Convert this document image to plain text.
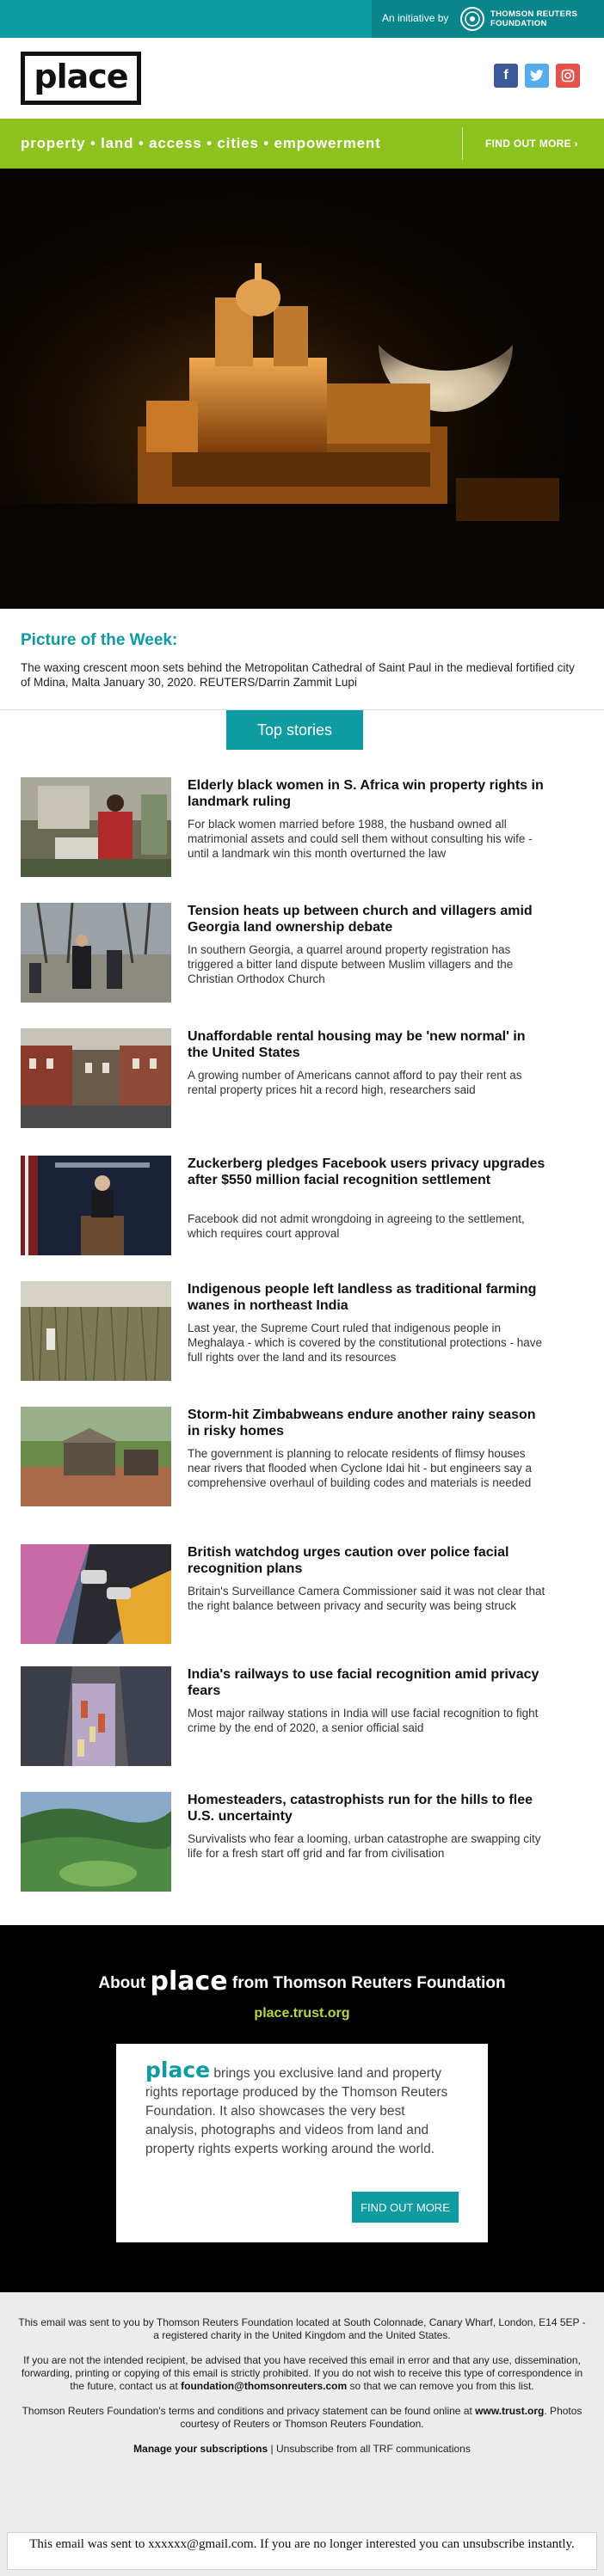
An initiative by	THOMSON REUTERS
FOUNDATION
place	f
property • land • access • cities • empowerment	FIND OUT MORE ›
Picture of the Week:

The waxing crescent moon sets behind the Metropolitan Cathedral of Saint Paul in the medieval fortified city of Mdina, Malta January 30, 2020. REUTERS/Darrin Zammit Lupi

Top stories
Elderly black women in S. Africa win property rights in landmark ruling

For black women married before 1988, the husband owned all matrimonial assets and could sell them without consulting his wife - until a landmark win this month overturned the law

Tension heats up between church and villagers amid Georgia land ownership debate

In southern Georgia, a quarrel around property registration has triggered a bitter land dispute between Muslim villagers and the Christian Orthodox Church

Unaffordable rental housing may be 'new normal' in the United States

A growing number of Americans cannot afford to pay their rent as rental property prices hit a record high, researchers said

Zuckerberg pledges Facebook users privacy upgrades after $550 million facial recognition settlement

Facebook did not admit wrongdoing in agreeing to the settlement, which requires court approval

Indigenous people left landless as traditional farming wanes in northeast India

Last year, the Supreme Court ruled that indigenous people in Meghalaya - which is covered by the constitutional protections - have full rights over the land and its resources

Storm-hit Zimbabweans endure another rainy season in risky homes

The government is planning to relocate residents of flimsy houses near rivers that flooded when Cyclone Idai hit - but engineers say a comprehensive overhaul of building codes and materials is needed

British watchdog urges caution over police facial recognition plans

Britain's Surveillance Camera Commissioner said it was not clear that the right balance between privacy and security was being struck

India's railways to use facial recognition amid privacy fears

Most major railway stations in India will use facial recognition to fight crime by the end of 2020, a senior official said

Homesteaders, catastrophists run for the hills to flee U.S. uncertainty

Survivalists who fear a looming, urban catastrophe are swapping city life for a fresh start off grid and far from civilisation

About place from Thomson Reuters Foundation
place.trust.org

place brings you exclusive land and property rights reportage produced by the Thomson Reuters Foundation. It also showcases the very best analysis, photographs and videos from land and property rights experts working around the world.

FIND OUT MORE

This email was sent to you by Thomson Reuters Foundation located at South Colonnade, Canary Wharf, London, E14 5EP - a registered charity in the United Kingdom and the United States.

If you are not the intended recipient, be advised that you have received this email in error and that any use, dissemination, forwarding, printing or copying of this email is strictly prohibited. If you do not wish to receive this type of correspondence in the future, contact us at foundation@thomsonreuters.com so that we can remove you from this list.

Thomson Reuters Foundation's terms and conditions and privacy statement can be found online at www.trust.org. Photos courtesy of Reuters or Thomson Reuters Foundation.

Manage your subscriptions | Unsubscribe from all TRF communications

This email was sent to xxxxxx@gmail.com. If you are no longer interested you can unsubscribe instantly.
